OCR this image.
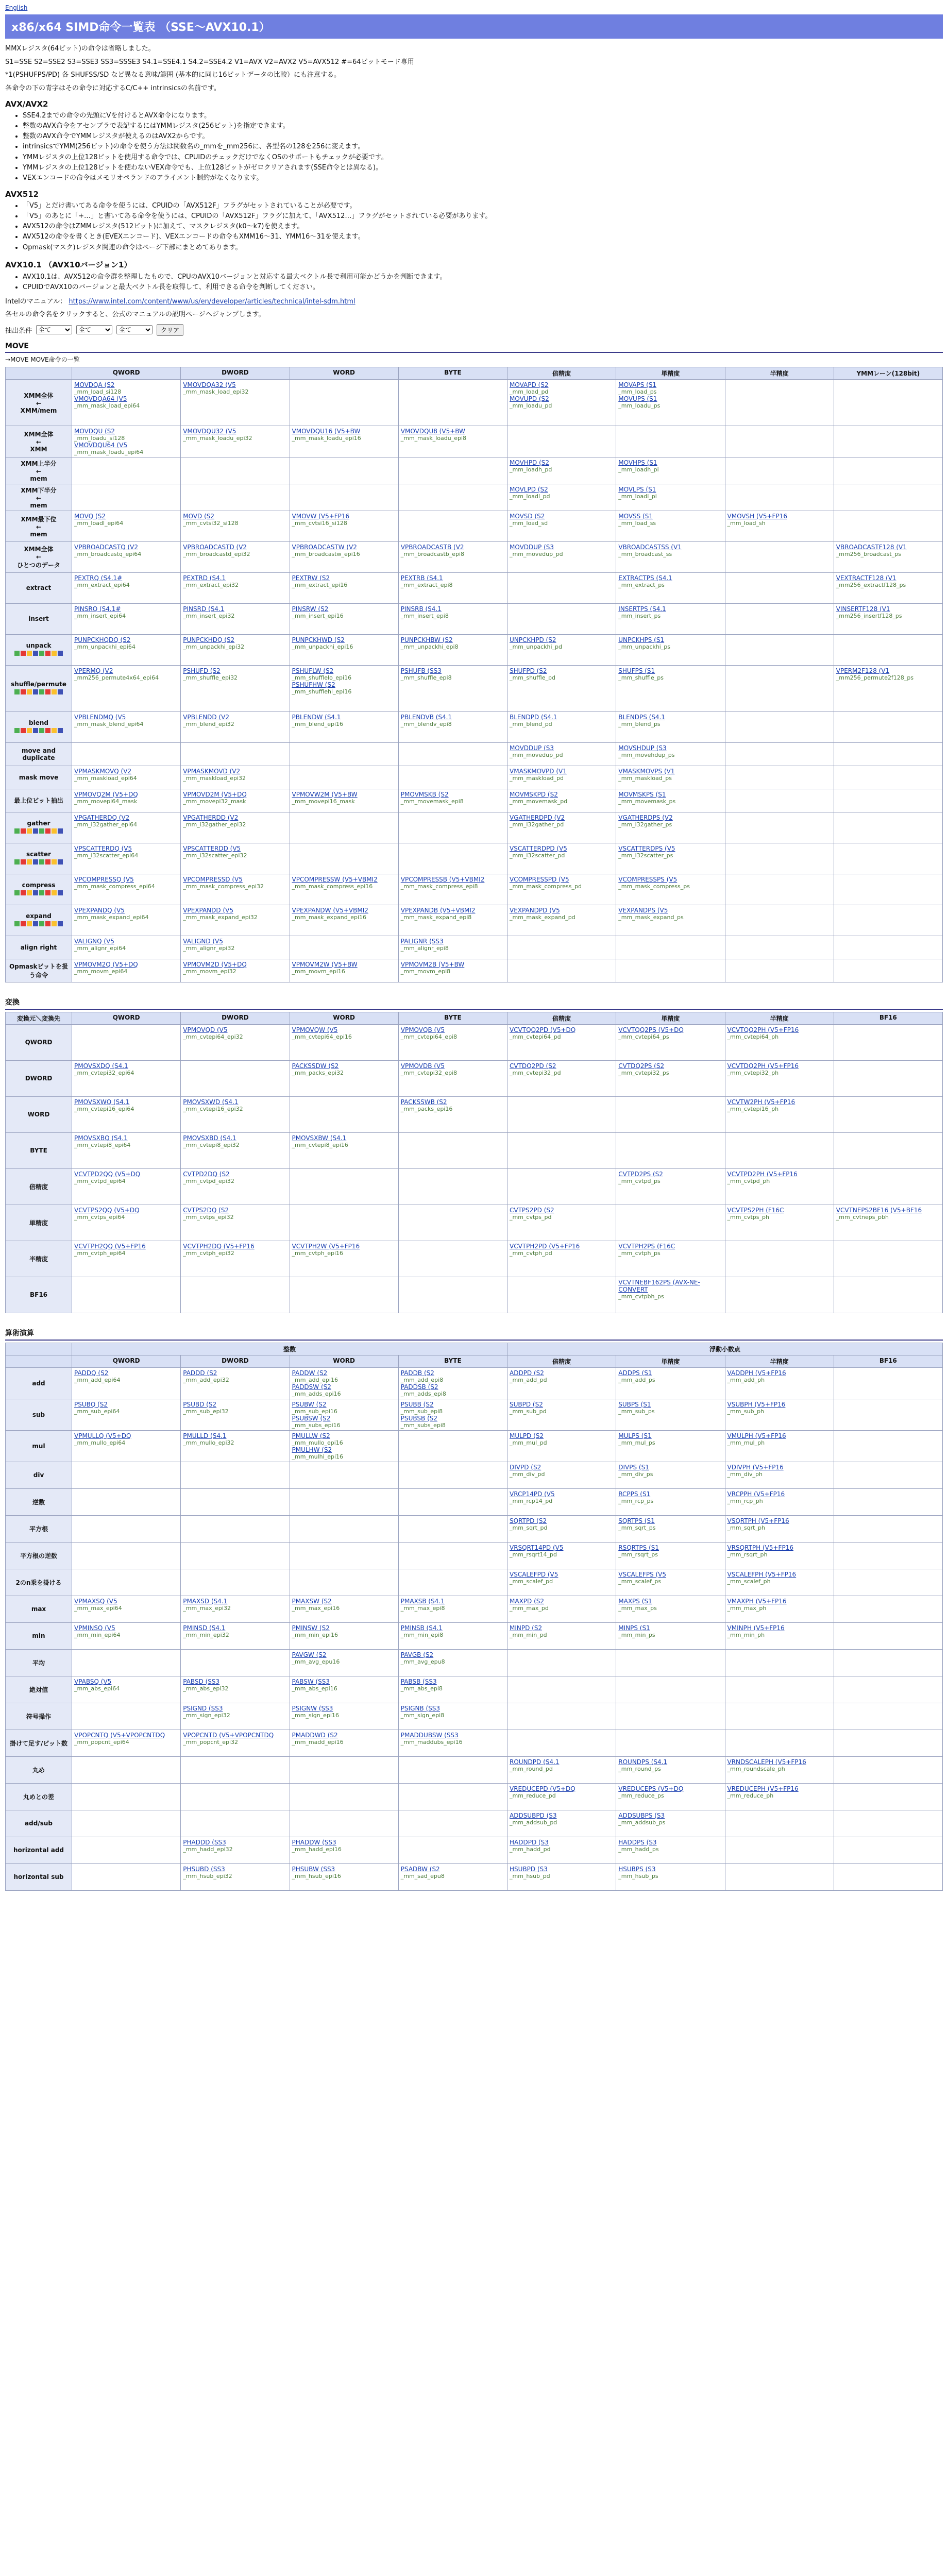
English
x86/x64 SIMD命令一覧表 （SSE～AVX10.1）

MMXレジスタ(64ビット)の命令は省略しました。

S1=SSE S2=SSE2 S3=SSE3 SS3=SSSE3 S4.1=SSE4.1 S4.2=SSE4.2 V1=AVX V2=AVX2 V5=AVX512 #=64ビットモード専用

*1(PSHUFPS/PD) 各 SHUFSS/SD など異なる意味/範囲 (基本的に同じ16ビットデータの比較）にも注意する。

各命令の下の青字はその命令に対応するC/C++ intrinsicsの名前です。

AVX/AVX2
• SSE4.2までの命令の先頭にVを付けるとAVX命令になります。
• 整数のAVX命令をアセンブラで表記するにはYMMレジスタ(256ビット)を指定できます。
• 整数のAVX命令でYMMレジスタが使えるのはAVX2からです。
• intrinsicsでYMM(256ビット)の命令を使う方法は関数名の_mmを_mm256に、各型名の128を256に変えます。
• YMMレジスタの上位128ビットを使用する命令では、CPUIDのチェックだけでなくOSのサポートもチェックが必要です。
• YMMレジスタの上位128ビットを使わないVEX命令でも、上位128ビットがゼロクリアされます(SSE命令とは異なる)。
• VEXエンコードの命令はメモリオペランドのアライメント制約がなくなります。
AVX512
• 「V5」とだけ書いてある命令を使うには、CPUIDの「AVX512F」フラグがセットされていることが必要です。
• 「V5」のあとに「+…」と書いてある命令を使うには、CPUIDの「AVX512F」フラグに加えて、「AVX512…」フラグがセットされている必要があります。
• AVX512の命令はZMMレジスタ(512ビット)に加えて、マスクレジスタ(k0～k7)を使えます。
• AVX512の命令を書くとき(EVEXエンコード)、VEXエンコードの命令もXMM16～31、YMM16～31を使えます。
• Opmask(マスク)レジスタ関連の命令はページ下部にまとめてあります。
AVX10.1 （AVX10バージョン1）
• AVX10.1は、AVX512の命令群を整理したもので、CPUのAVX10バージョンと対応する最大ベクトル長で利用可能かどうかを判断できます。
• CPUIDでAVX10のバージョンと最大ベクトル長を取得して、利用できる命令を判断してください。

Intelのマニュアル： https://www.intel.com/content/www/us/en/developer/articles/technical/intel-sdm.html

各セルの命令名をクリックすると、公式のマニュアルの説明ページへジャンプします。

抽出条件
全て
全て
全て	クリア
MOVE
→MOVE MOVE命令の一覧
	QWORD	DWORD	WORD	BYTE	倍精度	単精度	半精度	YMMレーン(128bit)
XMM全体
←
XMM/mem	MOVDQA (S2
_mm_load_si128
VMOVDQA64 (V5
_mm_mask_load_epi64	VMOVDQA32 (V5
_mm_mask_load_epi32			MOVAPD (S2
_mm_load_pd
MOVUPD (S2
_mm_loadu_pd	MOVAPS (S1
_mm_load_ps
MOVUPS (S1
_mm_loadu_ps		

XMM全体
←
XMM	MOVDQU (S2
_mm_loadu_si128
VMOVDQU64 (V5
_mm_mask_loadu_epi64	VMOVDQU32 (V5
_mm_mask_loadu_epi32	VMOVDQU16 (V5+BW
_mm_mask_loadu_epi16	VMOVDQU8 (V5+BW
_mm_mask_loadu_epi8				

XMM上半分
←
mem					MOVHPD (S2
_mm_loadh_pd	MOVHPS (S1
_mm_loadh_pi		

XMM下半分
←
mem					MOVLPD (S2
_mm_loadl_pd	MOVLPS (S1
_mm_loadl_pi		

XMM最下位
←
mem	MOVQ (S2
_mm_loadl_epi64	MOVD (S2
_mm_cvtsi32_si128	VMOVW (V5+FP16
_mm_cvtsi16_si128		MOVSD (S2
_mm_load_sd	MOVSS (S1
_mm_load_ss	VMOVSH (V5+FP16
_mm_load_sh	

XMM全体
←
ひとつのデータ	VPBROADCASTQ (V2
_mm_broadcastq_epi64	VPBROADCASTD (V2
_mm_broadcastd_epi32	VPBROADCASTW (V2
_mm_broadcastw_epi16	VPBROADCASTB (V2
_mm_broadcastb_epi8	MOVDDUP (S3
_mm_movedup_pd	VBROADCASTSS (V1
_mm_broadcast_ss		VBROADCASTF128 (V1
_mm256_broadcast_ps

extract	PEXTRQ (S4.1#
_mm_extract_epi64	PEXTRD (S4.1
_mm_extract_epi32	PEXTRW (S2
_mm_extract_epi16	PEXTRB (S4.1
_mm_extract_epi8		EXTRACTPS (S4.1
_mm_extract_ps		VEXTRACTF128 (V1
_mm256_extractf128_ps

insert	PINSRQ (S4.1#
_mm_insert_epi64	PINSRD (S4.1
_mm_insert_epi32	PINSRW (S2
_mm_insert_epi16	PINSRB (S4.1
_mm_insert_epi8		INSERTPS (S4.1
_mm_insert_ps		VINSERTF128 (V1
_mm256_insertf128_ps

unpack	PUNPCKHQDQ (S2
_mm_unpackhi_epi64	PUNPCKHDQ (S2
_mm_unpackhi_epi32	PUNPCKHWD (S2
_mm_unpackhi_epi16	PUNPCKHBW (S2
_mm_unpackhi_epi8	UNPCKHPD (S2
_mm_unpackhi_pd	UNPCKHPS (S1
_mm_unpackhi_ps		

shuffle/permute	VPERMQ (V2
_mm256_permute4x64_epi64	PSHUFD (S2
_mm_shuffle_epi32	PSHUFLW (S2
_mm_shufflelo_epi16
PSHUFHW (S2
_mm_shufflehi_epi16	PSHUFB (SS3
_mm_shuffle_epi8	SHUFPD (S2
_mm_shuffle_pd	SHUFPS (S1
_mm_shuffle_ps		VPERM2F128 (V1
_mm256_permute2f128_ps

blend	VPBLENDMQ (V5
_mm_mask_blend_epi64	VPBLENDD (V2
_mm_blend_epi32	PBLENDW (S4.1
_mm_blend_epi16	PBLENDVB (S4.1
_mm_blendv_epi8	BLENDPD (S4.1
_mm_blend_pd	BLENDPS (S4.1
_mm_blend_ps		

move and duplicate					MOVDDUP (S3
_mm_movedup_pd	MOVSHDUP (S3
_mm_movehdup_ps		

mask move	VPMASKMOVQ (V2
_mm_maskload_epi64	VPMASKMOVD (V2
_mm_maskload_epi32			VMASKMOVPD (V1
_mm_maskload_pd	VMASKMOVPS (V1
_mm_maskload_ps		

最上位ビット抽出	VPMOVQ2M (V5+DQ
_mm_movepi64_mask	VPMOVD2M (V5+DQ
_mm_movepi32_mask	VPMOVW2M (V5+BW
_mm_movepi16_mask	PMOVMSKB (S2
_mm_movemask_epi8	MOVMSKPD (S2
_mm_movemask_pd	MOVMSKPS (S1
_mm_movemask_ps		

gather	VPGATHERDQ (V2
_mm_i32gather_epi64	VPGATHERDD (V2
_mm_i32gather_epi32			VGATHERDPD (V2
_mm_i32gather_pd	VGATHERDPS (V2
_mm_i32gather_ps		

scatter	VPSCATTERDQ (V5
_mm_i32scatter_epi64	VPSCATTERDD (V5
_mm_i32scatter_epi32			VSCATTERDPD (V5
_mm_i32scatter_pd	VSCATTERDPS (V5
_mm_i32scatter_ps		

compress	VPCOMPRESSQ (V5
_mm_mask_compress_epi64	VPCOMPRESSD (V5
_mm_mask_compress_epi32	VPCOMPRESSW (V5+VBMI2
_mm_mask_compress_epi16	VPCOMPRESSB (V5+VBMI2
_mm_mask_compress_epi8	VCOMPRESSPD (V5
_mm_mask_compress_pd	VCOMPRESSPS (V5
_mm_mask_compress_ps		

expand	VPEXPANDQ (V5
_mm_mask_expand_epi64	VPEXPANDD (V5
_mm_mask_expand_epi32	VPEXPANDW (V5+VBMI2
_mm_mask_expand_epi16	VPEXPANDB (V5+VBMI2
_mm_mask_expand_epi8	VEXPANDPD (V5
_mm_mask_expand_pd	VEXPANDPS (V5
_mm_mask_expand_ps		

align right	VALIGNQ (V5
_mm_alignr_epi64	VALIGND (V5
_mm_alignr_epi32		PALIGNR (SS3
_mm_alignr_epi8				

Opmaskビットを扱う命令	VPMOVM2Q (V5+DQ
_mm_movm_epi64	VPMOVM2D (V5+DQ
_mm_movm_epi32	VPMOVM2W (V5+BW
_mm_movm_epi16	VPMOVM2B (V5+BW
_mm_movm_epi8				

変換
変換元＼変換先	QWORD	DWORD	WORD	BYTE	倍精度	単精度	半精度	BF16
QWORD		VPMOVQD (V5
_mm_cvtepi64_epi32	VPMOVQW (V5
_mm_cvtepi64_epi16	VPMOVQB (V5
_mm_cvtepi64_epi8	VCVTQQ2PD (V5+DQ
_mm_cvtepi64_pd	VCVTQQ2PS (V5+DQ
_mm_cvtepi64_ps	VCVTQQ2PH (V5+FP16
_mm_cvtepi64_ph	

DWORD	PMOVSXDQ (S4.1
_mm_cvtepi32_epi64		PACKSSDW (S2
_mm_packs_epi32	VPMOVDB (V5
_mm_cvtepi32_epi8	CVTDQ2PD (S2
_mm_cvtepi32_pd	CVTDQ2PS (S2
_mm_cvtepi32_ps	VCVTDQ2PH (V5+FP16
_mm_cvtepi32_ph	

WORD	PMOVSXWQ (S4.1
_mm_cvtepi16_epi64	PMOVSXWD (S4.1
_mm_cvtepi16_epi32		PACKSSWB (S2
_mm_packs_epi16			VCVTW2PH (V5+FP16
_mm_cvtepi16_ph	

BYTE	PMOVSXBQ (S4.1
_mm_cvtepi8_epi64	PMOVSXBD (S4.1
_mm_cvtepi8_epi32	PMOVSXBW (S4.1
_mm_cvtepi8_epi16					

倍精度	VCVTPD2QQ (V5+DQ
_mm_cvtpd_epi64	CVTPD2DQ (S2
_mm_cvtpd_epi32				CVTPD2PS (S2
_mm_cvtpd_ps	VCVTPD2PH (V5+FP16
_mm_cvtpd_ph	

単精度	VCVTPS2QQ (V5+DQ
_mm_cvtps_epi64	CVTPS2DQ (S2
_mm_cvtps_epi32			CVTPS2PD (S2
_mm_cvtps_pd		VCVTPS2PH (F16C
_mm_cvtps_ph	VCVTNEPS2BF16 (V5+BF16
_mm_cvtneps_pbh

半精度	VCVTPH2QQ (V5+FP16
_mm_cvtph_epi64	VCVTPH2DQ (V5+FP16
_mm_cvtph_epi32	VCVTPH2W (V5+FP16
_mm_cvtph_epi16		VCVTPH2PD (V5+FP16
_mm_cvtph_pd	VCVTPH2PS (F16C
_mm_cvtph_ps		

BF16						VCVTNEBF162PS (AVX-NE-CONVERT
_mm_cvtpbh_ps		

算術演算
	整数				浮動小数点			
	QWORD	DWORD	WORD	BYTE	倍精度	単精度	半精度	BF16
add	PADDQ (S2
_mm_add_epi64	PADDD (S2
_mm_add_epi32	PADDW (S2
_mm_add_epi16
PADDSW (S2
_mm_adds_epi16	PADDB (S2
_mm_add_epi8
PADDSB (S2
_mm_adds_epi8	ADDPD (S2
_mm_add_pd	ADDPS (S1
_mm_add_ps	VADDPH (V5+FP16
_mm_add_ph	

sub	PSUBQ (S2
_mm_sub_epi64	PSUBD (S2
_mm_sub_epi32	PSUBW (S2
_mm_sub_epi16
PSUBSW (S2
_mm_subs_epi16	PSUBB (S2
_mm_sub_epi8
PSUBSB (S2
_mm_subs_epi8	SUBPD (S2
_mm_sub_pd	SUBPS (S1
_mm_sub_ps	VSUBPH (V5+FP16
_mm_sub_ph	

mul	VPMULLQ (V5+DQ
_mm_mullo_epi64	PMULLD (S4.1
_mm_mullo_epi32	PMULLW (S2
_mm_mullo_epi16
PMULHW (S2
_mm_mulhi_epi16		MULPD (S2
_mm_mul_pd	MULPS (S1
_mm_mul_ps	VMULPH (V5+FP16
_mm_mul_ph	

div					DIVPD (S2
_mm_div_pd	DIVPS (S1
_mm_div_ps	VDIVPH (V5+FP16
_mm_div_ph	

逆数					VRCP14PD (V5
_mm_rcp14_pd	RCPPS (S1
_mm_rcp_ps	VRCPPH (V5+FP16
_mm_rcp_ph	

平方根					SQRTPD (S2
_mm_sqrt_pd	SQRTPS (S1
_mm_sqrt_ps	VSQRTPH (V5+FP16
_mm_sqrt_ph	

平方根の逆数					VRSQRT14PD (V5
_mm_rsqrt14_pd	RSQRTPS (S1
_mm_rsqrt_ps	VRSQRTPH (V5+FP16
_mm_rsqrt_ph	

2のn乗を掛ける					VSCALEFPD (V5
_mm_scalef_pd	VSCALEFPS (V5
_mm_scalef_ps	VSCALEFPH (V5+FP16
_mm_scalef_ph	

max	VPMAXSQ (V5
_mm_max_epi64	PMAXSD (S4.1
_mm_max_epi32	PMAXSW (S2
_mm_max_epi16	PMAXSB (S4.1
_mm_max_epi8	MAXPD (S2
_mm_max_pd	MAXPS (S1
_mm_max_ps	VMAXPH (V5+FP16
_mm_max_ph	

min	VPMINSQ (V5
_mm_min_epi64	PMINSD (S4.1
_mm_min_epi32	PMINSW (S2
_mm_min_epi16	PMINSB (S4.1
_mm_min_epi8	MINPD (S2
_mm_min_pd	MINPS (S1
_mm_min_ps	VMINPH (V5+FP16
_mm_min_ph	

平均			PAVGW (S2
_mm_avg_epu16	PAVGB (S2
_mm_avg_epu8				

絶対値	VPABSQ (V5
_mm_abs_epi64	PABSD (SS3
_mm_abs_epi32	PABSW (SS3
_mm_abs_epi16	PABSB (SS3
_mm_abs_epi8				

符号操作		PSIGND (SS3
_mm_sign_epi32	PSIGNW (SS3
_mm_sign_epi16	PSIGNB (SS3
_mm_sign_epi8				

掛けて足す/ビット数	VPOPCNTQ (V5+VPOPCNTDQ
_mm_popcnt_epi64	VPOPCNTD (V5+VPOPCNTDQ
_mm_popcnt_epi32	PMADDWD (S2
_mm_madd_epi16	PMADDUBSW (SS3
_mm_maddubs_epi16				

丸め					ROUNDPD (S4.1
_mm_round_pd	ROUNDPS (S4.1
_mm_round_ps	VRNDSCALEPH (V5+FP16
_mm_roundscale_ph	

丸めとの差					VREDUCEPD (V5+DQ
_mm_reduce_pd	VREDUCEPS (V5+DQ
_mm_reduce_ps	VREDUCEPH (V5+FP16
_mm_reduce_ph	

add/sub					ADDSUBPD (S3
_mm_addsub_pd	ADDSUBPS (S3
_mm_addsub_ps		

horizontal add		PHADDD (SS3
_mm_hadd_epi32	PHADDW (SS3
_mm_hadd_epi16		HADDPD (S3
_mm_hadd_pd	HADDPS (S3
_mm_hadd_ps		

horizontal sub		PHSUBD (SS3
_mm_hsub_epi32	PHSUBW (SS3
_mm_hsub_epi16	PSADBW (S2
_mm_sad_epu8	HSUBPD (S3
_mm_hsub_pd	HSUBPS (S3
_mm_hsub_ps		
